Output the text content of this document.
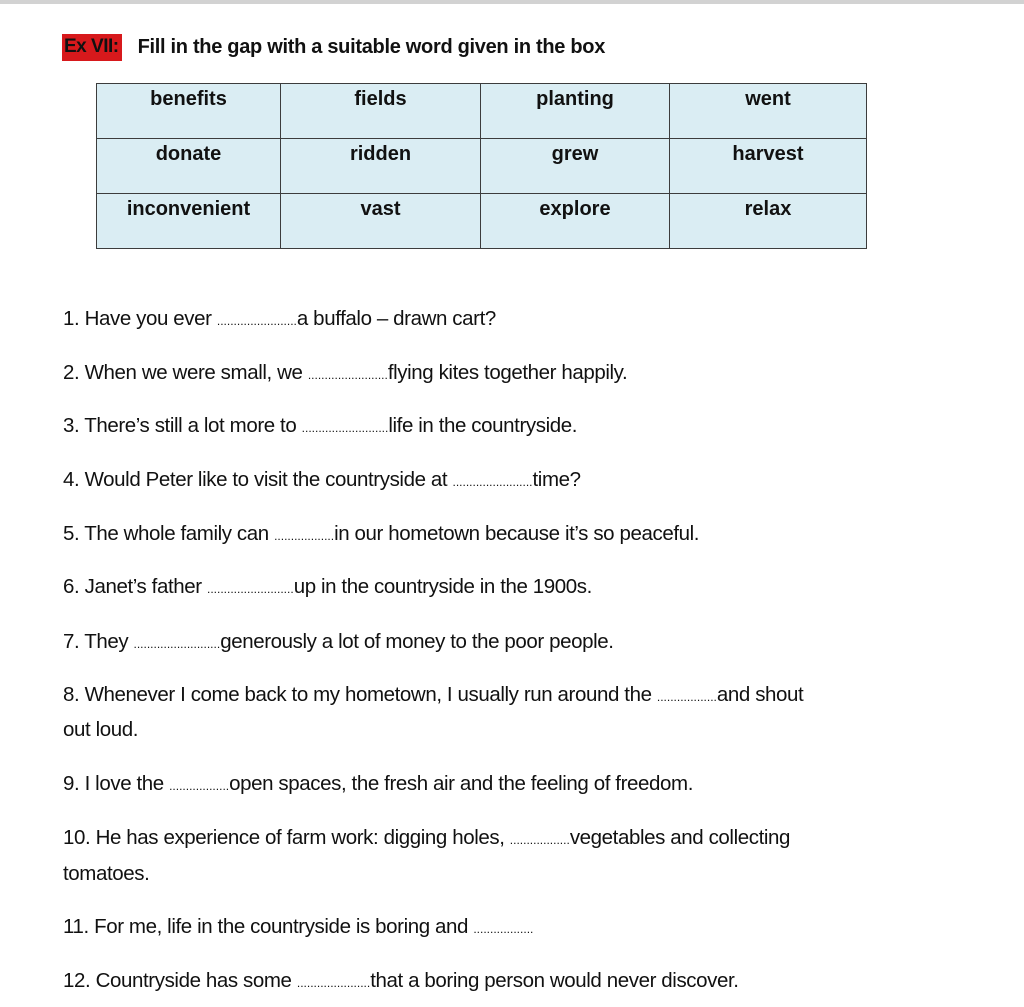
Ex VII: Fill in the gap with a suitable word given in the box
benefits	fields	planting	went
donate	ridden	grew	harvest
inconvenient	vast	explore	relax
1. Have you ever ........................a buffalo – drawn cart?
2. When we were small, we ........................flying kites together happily.
3. There’s still a lot more to ..........................life in the countryside.
4. Would Peter like to visit the countryside at ........................time?
5. The whole family can ..................in our hometown because it’s so peaceful.
6. Janet’s father ..........................up in the countryside in the 1900s.
7. They ..........................generously a lot of money to the poor people.
8. Whenever I come back to my hometown, I usually run around the ..................and shout
out loud.
9. I love the ..................open spaces, the fresh air and the feeling of freedom.
10. He has experience of farm work: digging holes, ..................vegetables and collecting
tomatoes.
11. For me, life in the countryside is boring and ..................
12. Countryside has some ......................that a boring person would never discover.
